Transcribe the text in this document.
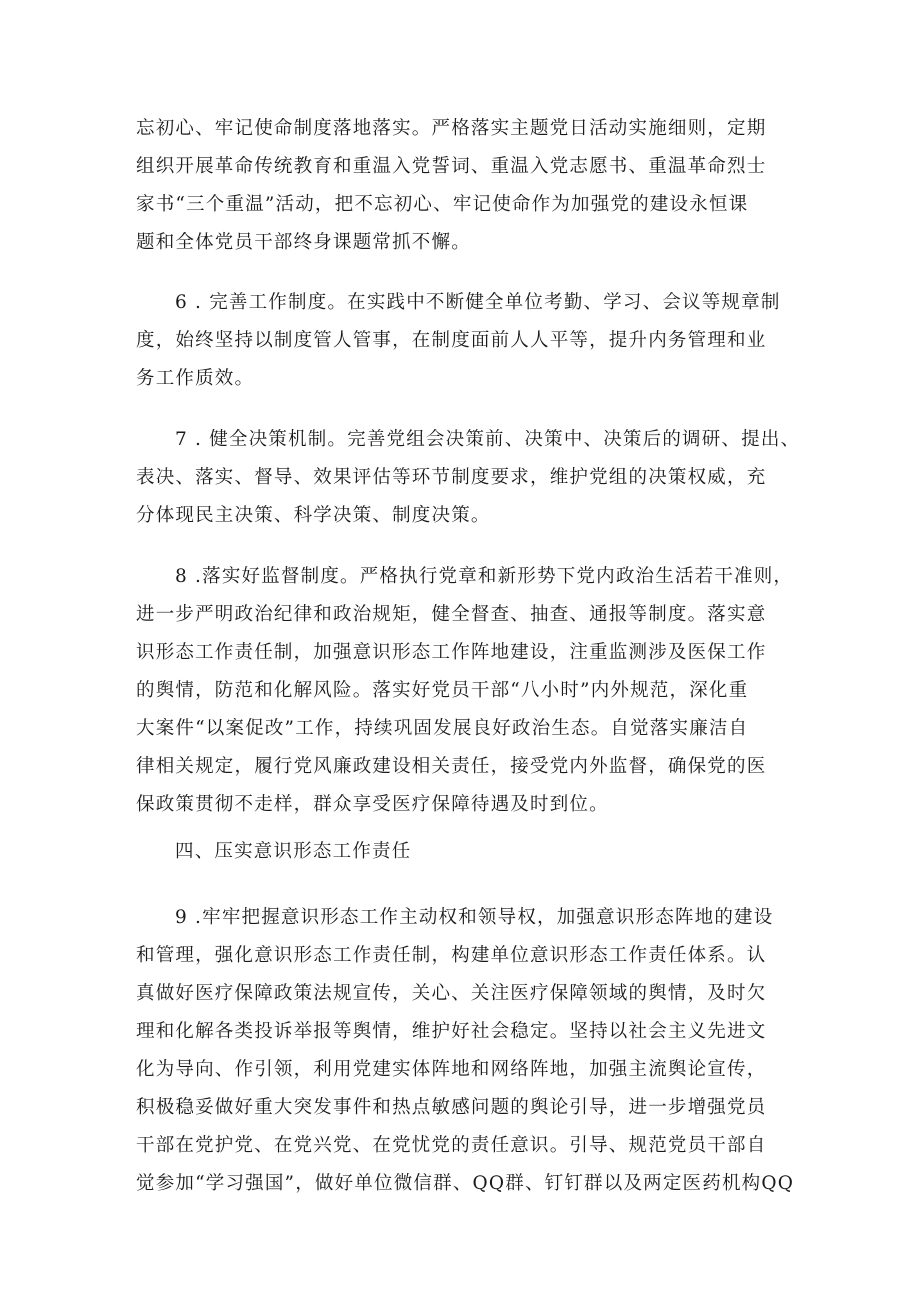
忘初心、牢记使命制度落地落实。严格落实主题党日活动实施细则，定期
组织开展革命传统教育和重温入党誓词、重温入党志愿书、重温革命烈士
家书“三个重温”活动，把不忘初心、牢记使命作为加强党的建设永恒课
题和全体党员干部终身课题常抓不懈。
6 . 完善工作制度。在实践中不断健全单位考勤、学习、会议等规章制
度，始终坚持以制度管人管事，在制度面前人人平等，提升内务管理和业
务工作质效。
7 . 健全决策机制。完善党组会决策前、决策中、决策后的调研、提出、
表决、落实、督导、效果评估等环节制度要求，维护党组的决策权威，充
分体现民主决策、科学决策、制度决策。
8 .落实好监督制度。严格执行党章和新形势下党内政治生活若干准则，
进一步严明政治纪律和政治规矩，健全督查、抽查、通报等制度。落实意
识形态工作责任制，加强意识形态工作阵地建设，注重监测涉及医保工作
的舆情，防范和化解风险。落实好党员干部“八小时”内外规范，深化重
大案件“以案促改”工作，持续巩固发展良好政治生态。自觉落实廉洁自
律相关规定，履行党风廉政建设相关责任，接受党内外监督，确保党的医
保政策贯彻不走样，群众享受医疗保障待遇及时到位。
四、压实意识形态工作责任
9 .牢牢把握意识形态工作主动权和领导权，加强意识形态阵地的建设
和管理，强化意识形态工作责任制，构建单位意识形态工作责任体系。认
真做好医疗保障政策法规宣传，关心、关注医疗保障领域的舆情，及时欠
理和化解各类投诉举报等舆情，维护好社会稳定。坚持以社会主义先进文
化为导向、作引领，利用党建实体阵地和网络阵地，加强主流舆论宣传，
积极稳妥做好重大突发事件和热点敏感问题的舆论引导，进一步增强党员
干部在党护党、在党兴党、在党忧党的责任意识。引导、规范党员干部自
觉参加“学习强国”，做好单位微信群、QQ群、钉钉群以及两定医药机构QQ
